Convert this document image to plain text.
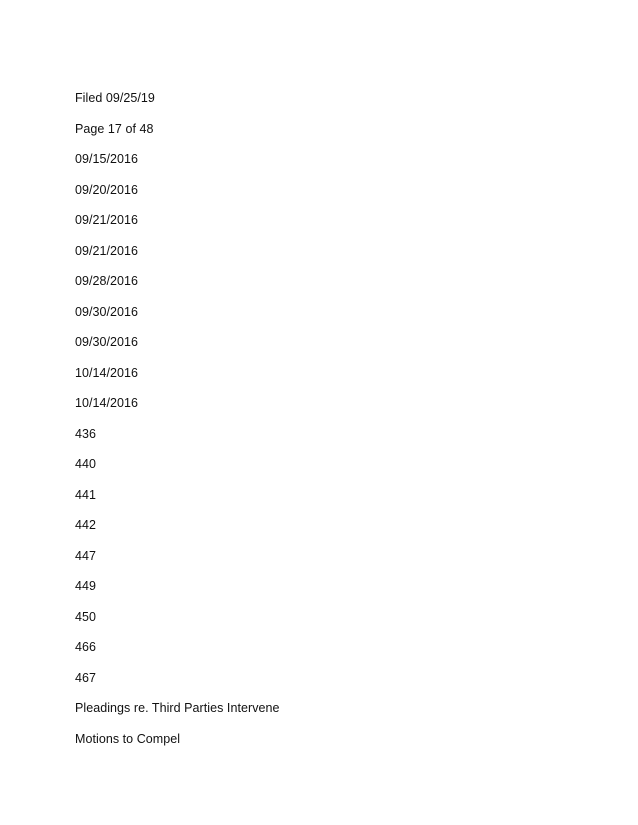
Filed 09/25/19
Page 17 of 48
09/15/2016
09/20/2016
09/21/2016
09/21/2016
09/28/2016
09/30/2016
09/30/2016
10/14/2016
10/14/2016
436
440
441
442
447
449
450
466
467
Pleadings re. Third Parties Intervene
Motions to Compel
